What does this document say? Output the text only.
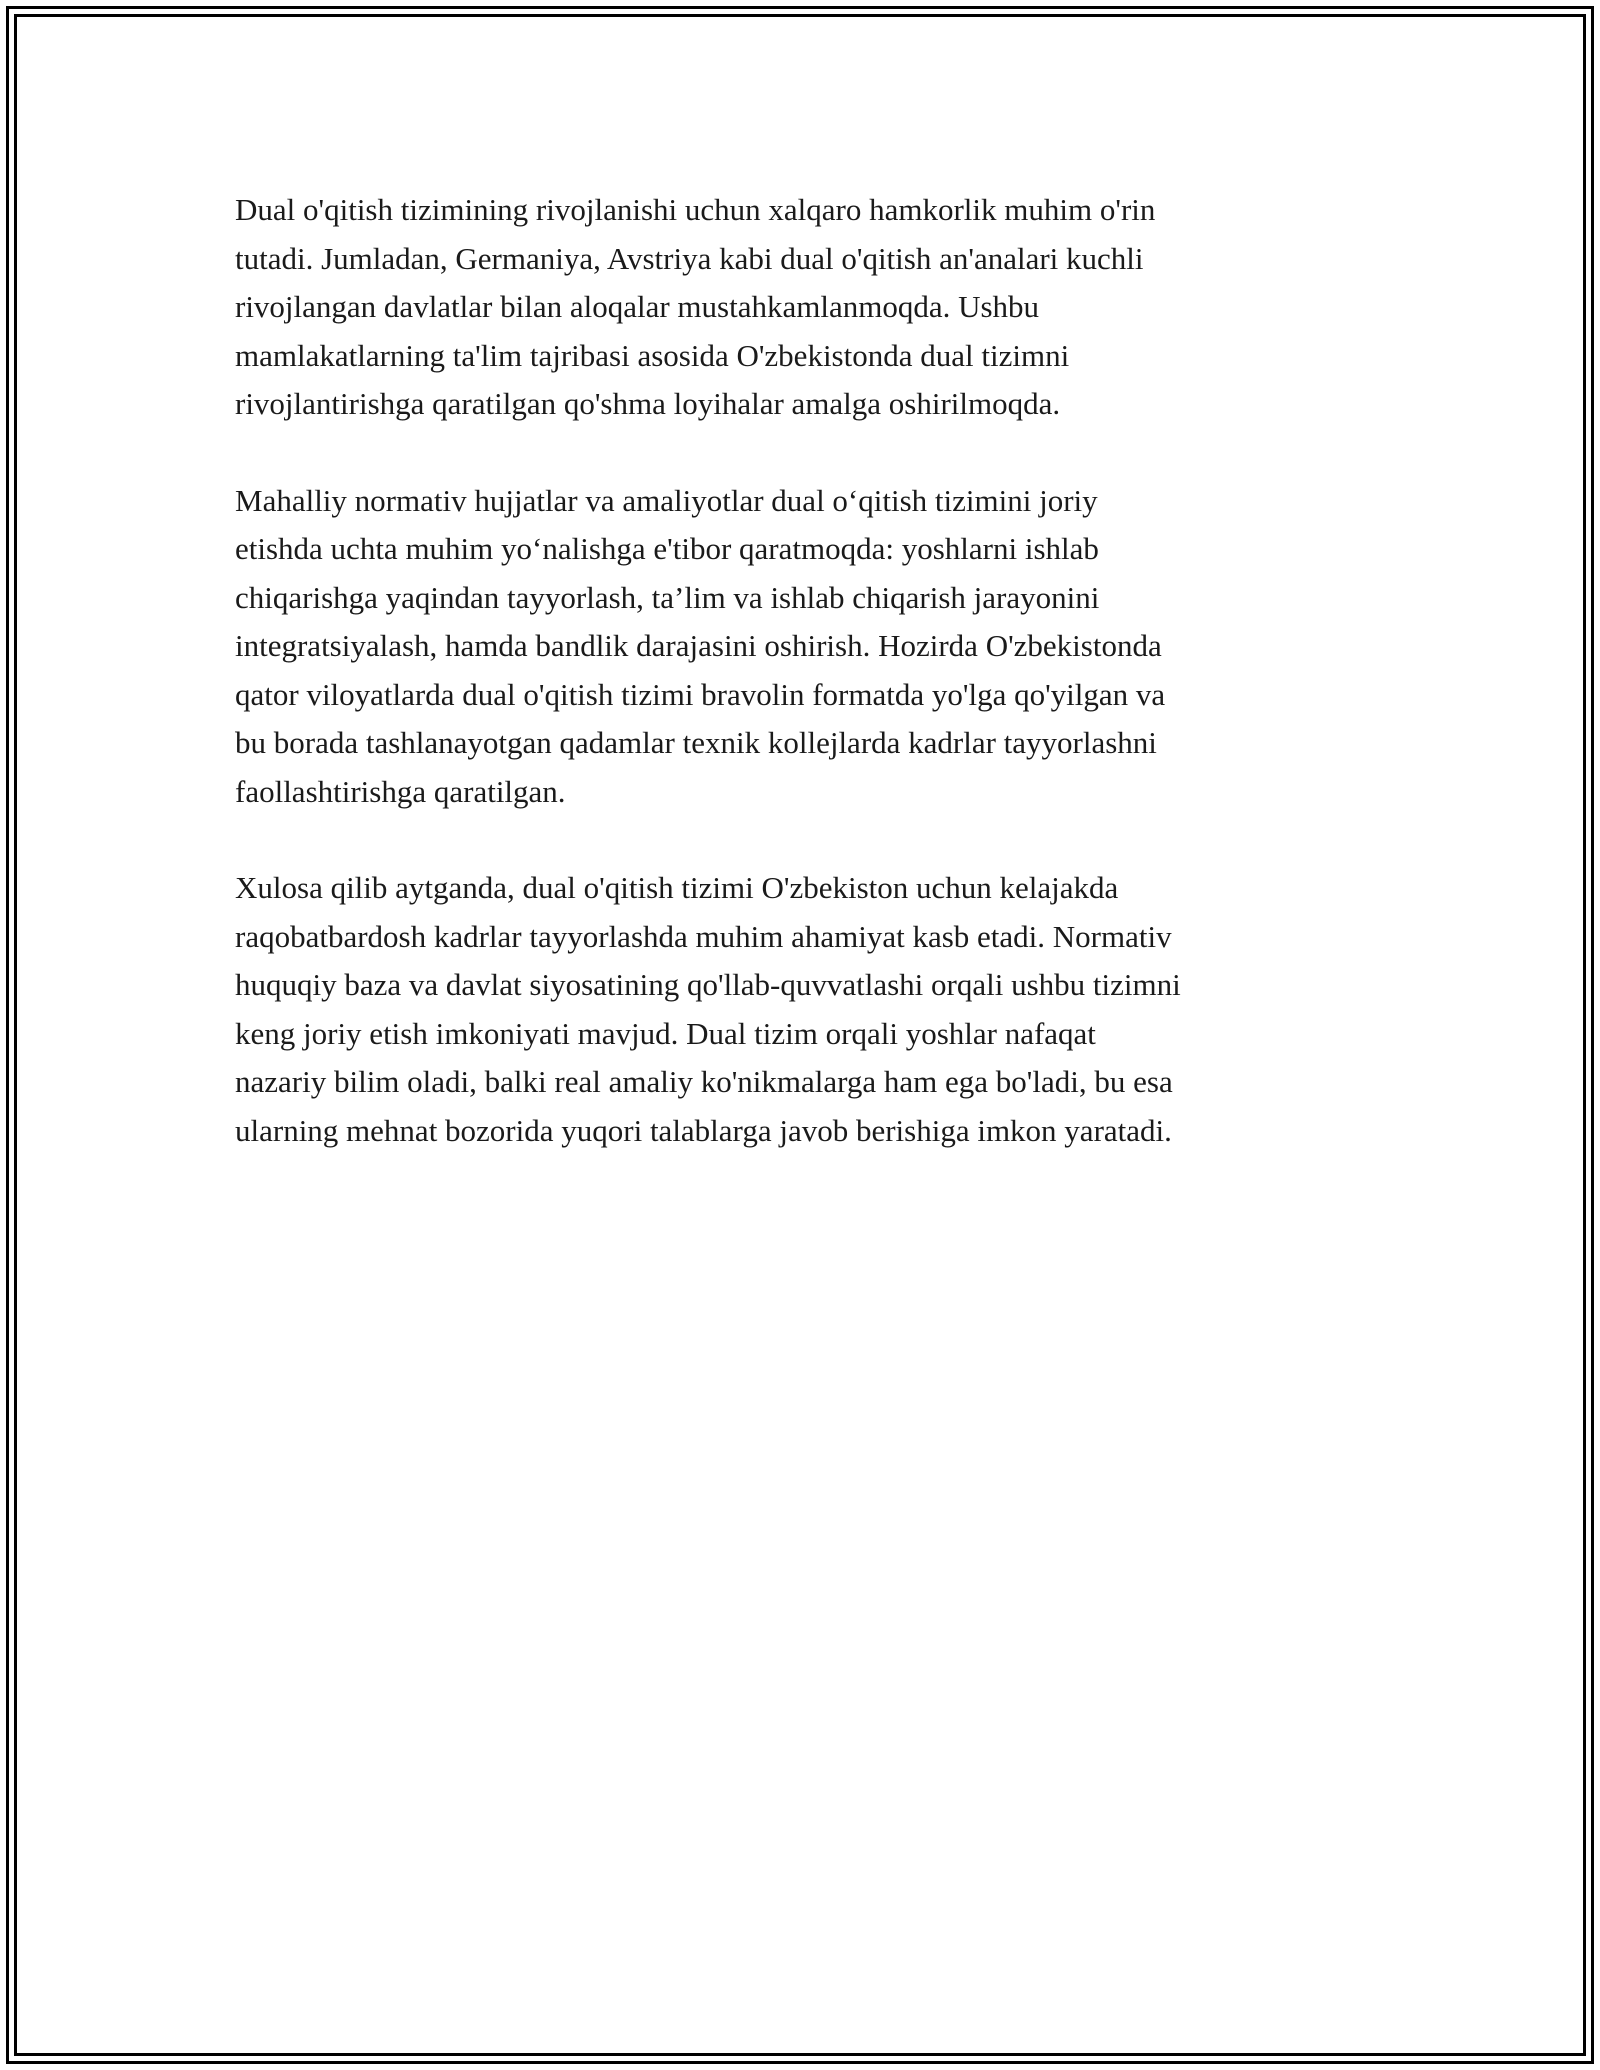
Dual o'qitish tizimining rivojlanishi uchun xalqaro hamkorlik muhim o'rin
tutadi. Jumladan, Germaniya, Avstriya kabi dual o'qitish an'analari kuchli
rivojlangan davlatlar bilan aloqalar mustahkamlanmoqda. Ushbu
mamlakatlarning ta'lim tajribasi asosida O'zbekistonda dual tizimni
rivojlantirishga qaratilgan qo'shma loyihalar amalga oshirilmoqda.

Mahalliy normativ hujjatlar va amaliyotlar dual o‘qitish tizimini joriy
etishda uchta muhim yo‘nalishga e'tibor qaratmoqda: yoshlarni ishlab
chiqarishga yaqindan tayyorlash, ta’lim va ishlab chiqarish jarayonini
integratsiyalash, hamda bandlik darajasini oshirish. Hozirda O'zbekistonda
qator viloyatlarda dual o'qitish tizimi bravolin formatda yo'lga qo'yilgan va
bu borada tashlanayotgan qadamlar texnik kollejlarda kadrlar tayyorlashni
faollashtirishga qaratilgan.

Xulosa qilib aytganda, dual o'qitish tizimi O'zbekiston uchun kelajakda
raqobatbardosh kadrlar tayyorlashda muhim ahamiyat kasb etadi. Normativ
huquqiy baza va davlat siyosatining qo'llab-quvvatlashi orqali ushbu tizimni
keng joriy etish imkoniyati mavjud. Dual tizim orqali yoshlar nafaqat
nazariy bilim oladi, balki real amaliy ko'nikmalarga ham ega bo'ladi, bu esa
ularning mehnat bozorida yuqori talablarga javob berishiga imkon yaratadi.
